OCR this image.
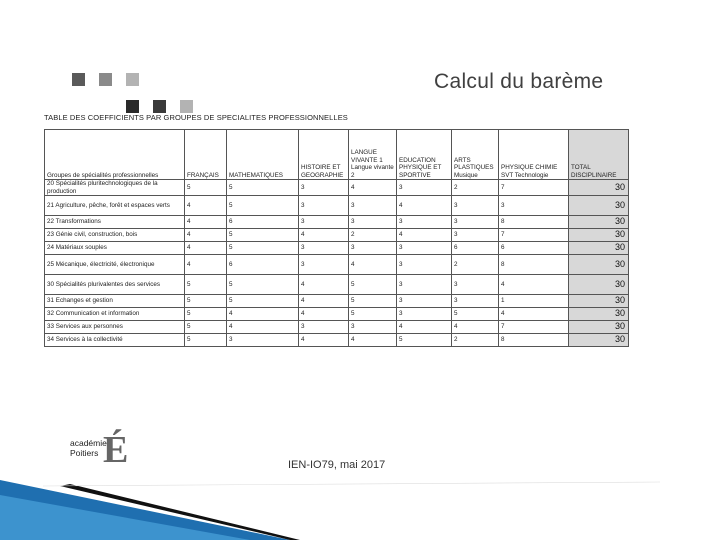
Calcul du barème
TABLE DES COEFFICIENTS PAR GROUPES DE SPECIALITES PROFESSIONNELLES
Groupes de spécialités professionnelles	FRANÇAIS	MATHEMATIQUES	HISTOIRE ET GEOGRAPHIE	LANGUE VIVANTE 1 Langue vivante 2	EDUCATION PHYSIQUE ET SPORTIVE	ARTS PLASTIQUES Musique	PHYSIQUE CHIMIE SVT Technologie	TOTAL DISCIPLINAIRE
20 Spécialités pluritechnologiques de la production	5	5	3	4	3	2	7	30
21 Agriculture, pêche, forêt et espaces verts	4	5	3	3	4	3	3	30
22 Transformations	4	6	3	3	3	3	8	30
23 Génie civil, construction, bois	4	5	4	2	4	3	7	30
24 Matériaux souples	4	5	3	3	3	6	6	30
25 Mécanique, électricité, électronique	4	6	3	4	3	2	8	30
30 Spécialités plurivalentes des services	5	5	4	5	3	3	4	30
31 Echanges et gestion	5	5	4	5	3	3	1	30
32 Communication et information	5	4	4	5	3	5	4	30
33 Services aux personnes	5	4	3	3	4	4	7	30
34 Services à la collectivité	5	3	4	4	5	2	8	30
académie
Poitiers É	IEN-IO79, mai 2017
